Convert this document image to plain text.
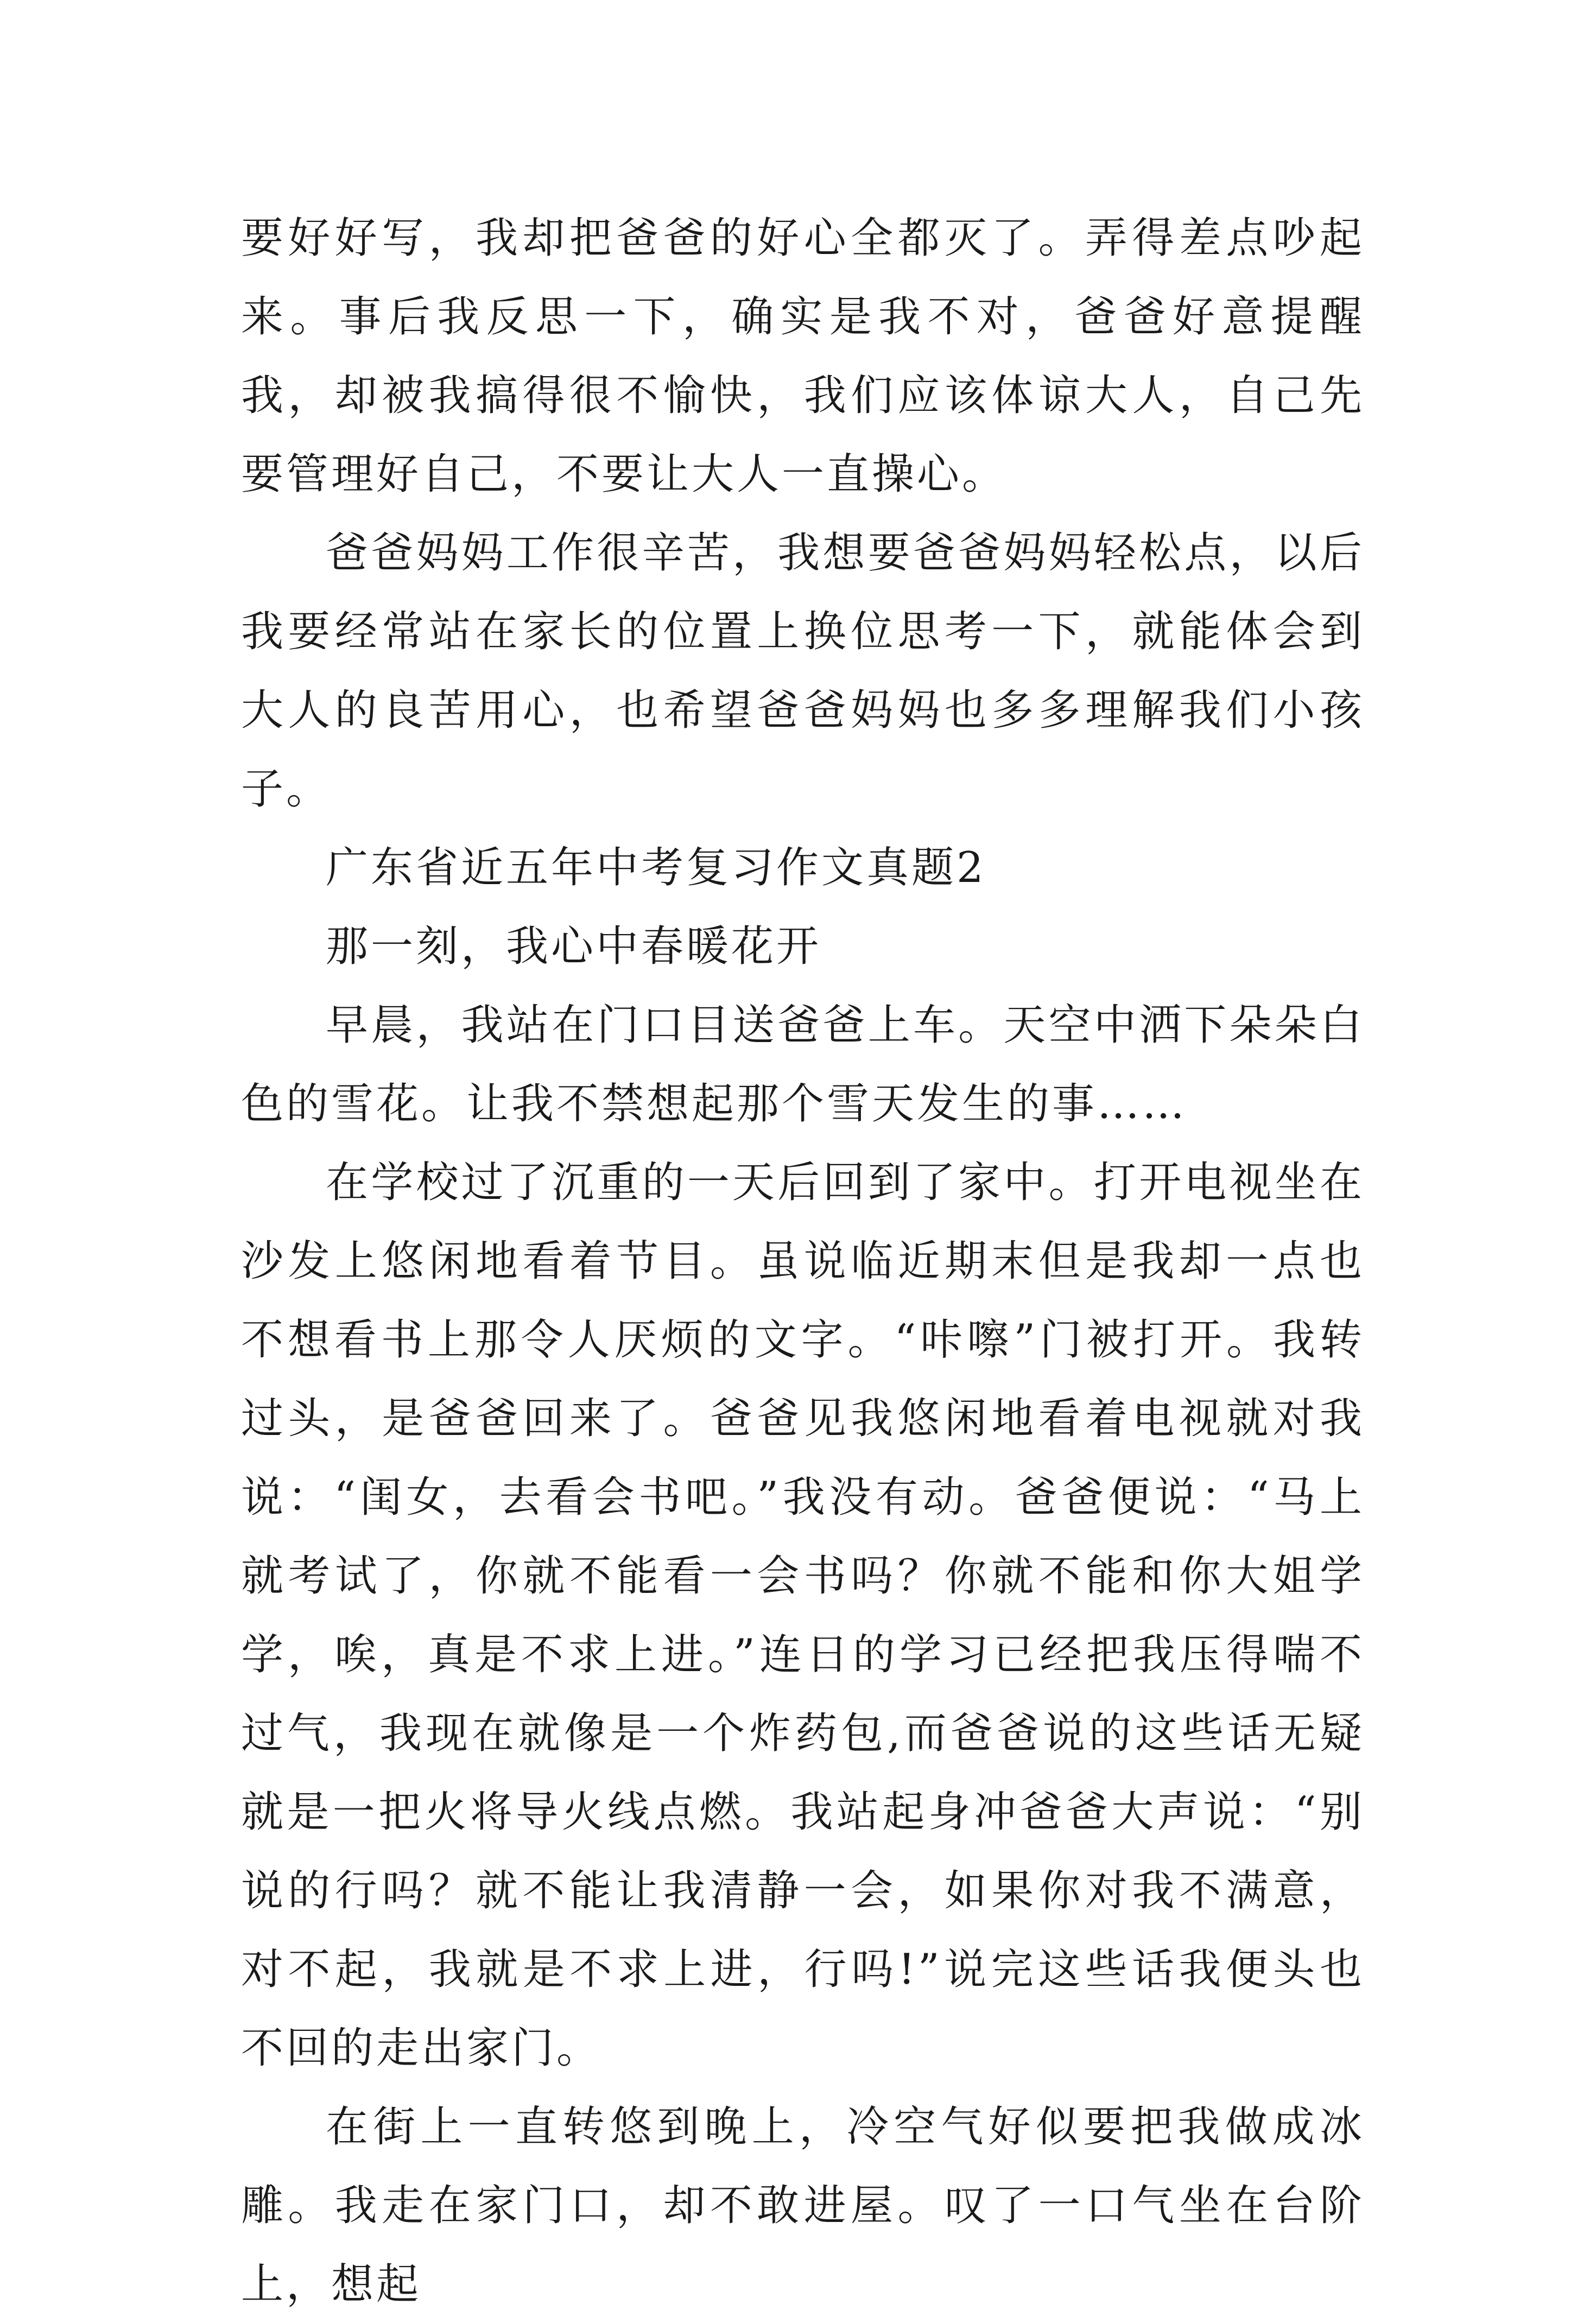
要好好写，我却把爸爸的好心全都灭了。弄得差点吵起来。事后我反思一下，确实是我不对，爸爸好意提醒我，却被我搞得很不愉快，我们应该体谅大人，自己先要管理好自己，不要让大人一直操心。

爸爸妈妈工作很辛苦，我想要爸爸妈妈轻松点，以后我要经常站在家长的位置上换位思考一下，就能体会到大人的良苦用心，也希望爸爸妈妈也多多理解我们小孩子。

广东省近五年中考复习作文真题2

那一刻，我心中春暖花开

早晨，我站在门口目送爸爸上车。天空中洒下朵朵白色的雪花。让我不禁想起那个雪天发生的事……

在学校过了沉重的一天后回到了家中。打开电视坐在沙发上悠闲地看着节目。虽说临近期末但是我却一点也不想看书上那令人厌烦的文字。“咔嚓”门被打开。我转过头，是爸爸回来了。爸爸见我悠闲地看着电视就对我说：“闺女，去看会书吧。”我没有动。爸爸便说：“马上就考试了，你就不能看一会书吗？你就不能和你大姐学学，唉，真是不求上进。”连日的学习已经把我压得喘不过气，我现在就像是一个炸药包,而爸爸说的这些话无疑就是一把火将导火线点燃。我站起身冲爸爸大声说：“别说的行吗？就不能让我清静一会，如果你对我不满意，对不起，我就是不求上进，行吗!”说完这些话我便头也不回的走出家门。

在街上一直转悠到晚上，冷空气好似要把我做成冰雕。我走在家门口，却不敢进屋。叹了一口气坐在台阶上，想起
